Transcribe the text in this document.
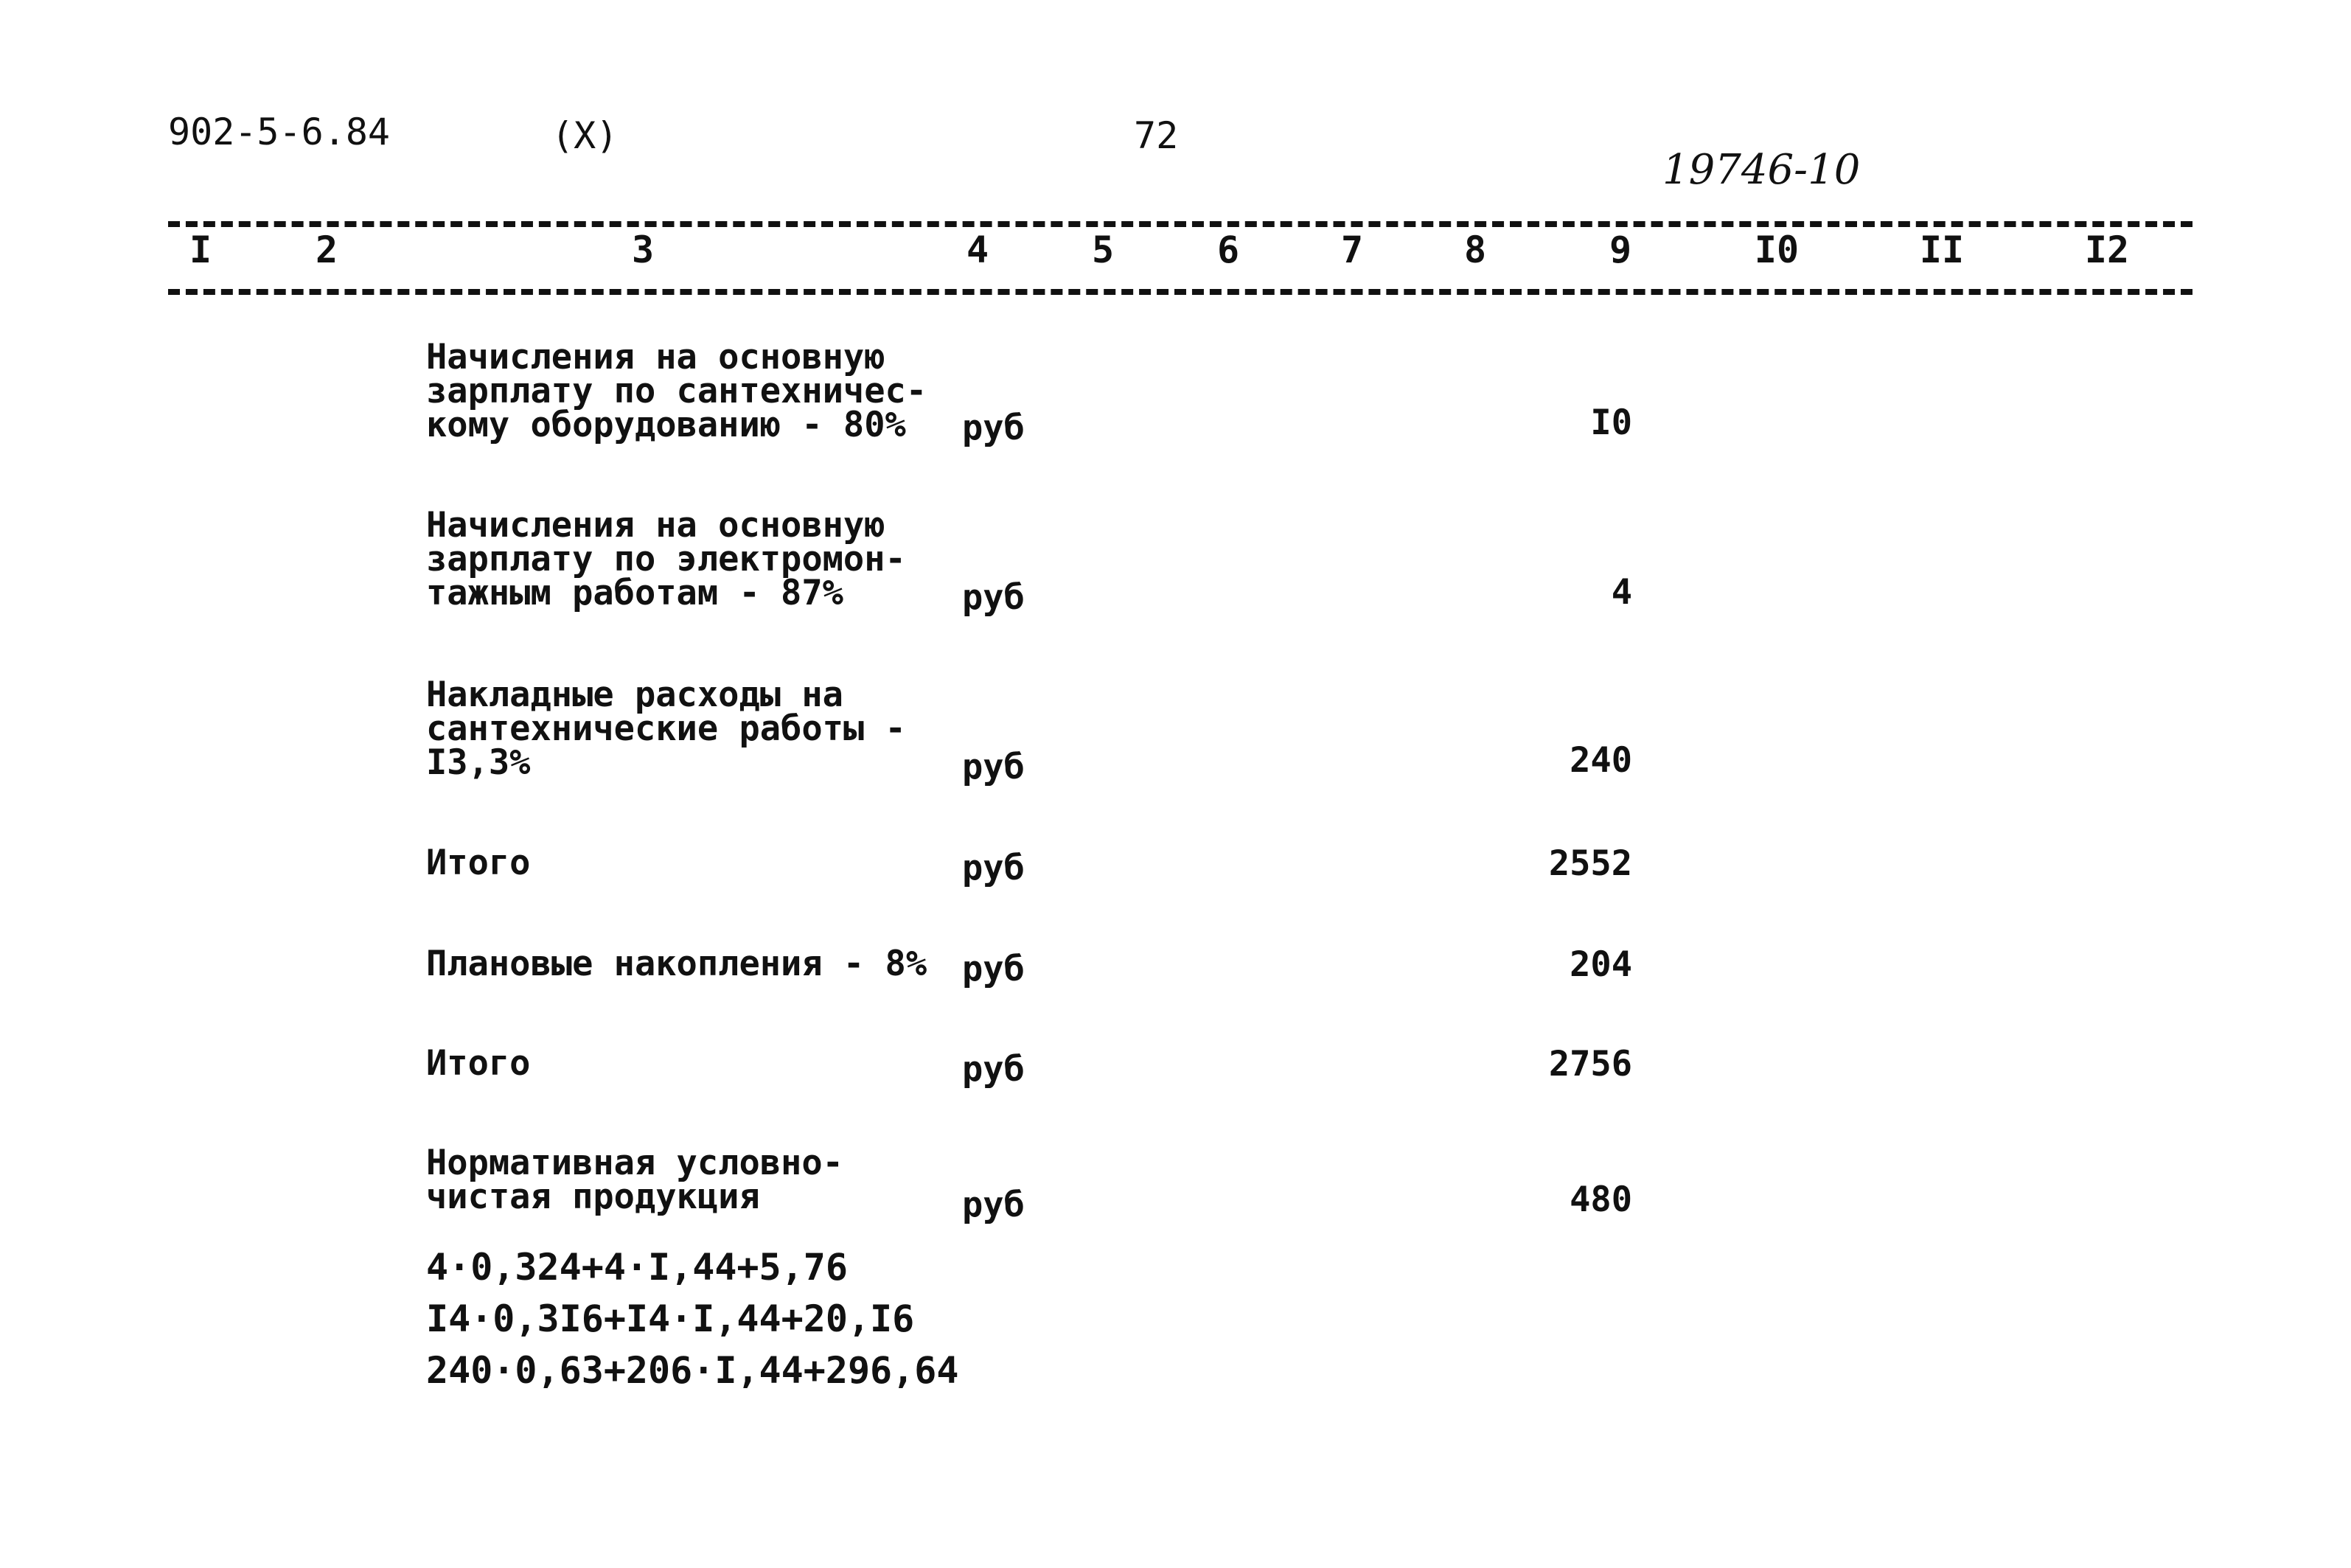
902-5-6.84	(X)	72
19746-10
I	2	3	4	5	6	7	8	9	I0	II	I2
Начисления на основную
зарплату по сантехничес-
кому оборудованию - 80%	руб	I0
Начисления на основную
зарплату по электромон-
тажным работам - 87%	руб	4
Накладные расходы на
сантехнические работы -
I3,3%	руб	240
Итого	руб	2552
Плановые накопления - 8% руб	204
Итого	руб	2756
Нормативная условно-
чистая продукция	руб	480
4·0,324+4·I,44+5,76
I4·0,3I6+I4·I,44+20,I6
240·0,63+206·I,44+296,64
